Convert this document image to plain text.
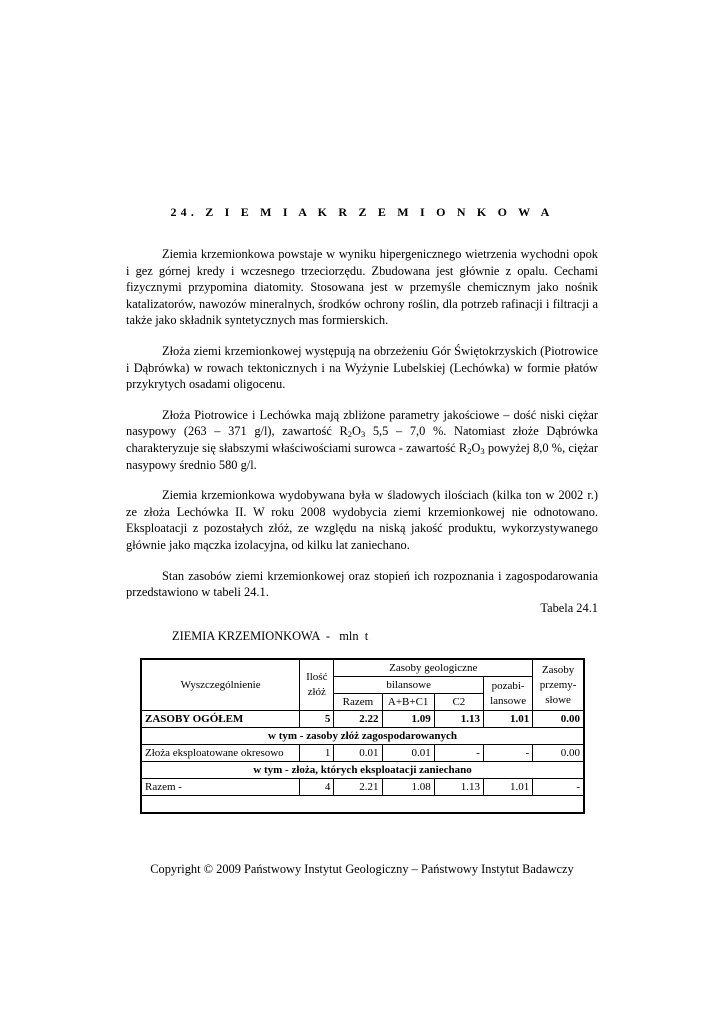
24. Z I E M I A K R Z E M I O N K O W A

Ziemia krzemionkowa powstaje w wyniku hipergenicznego wietrzenia wychodni opok i gez górnej kredy i wczesnego trzeciorzędu. Zbudowana jest głównie z opalu. Cechami fizycznymi przypomina diatomity. Stosowana jest w przemyśle chemicznym jako nośnik katalizatorów, nawozów mineralnych, środków ochrony roślin, dla potrzeb rafinacji i filtracji a także jako składnik syntetycznych mas formierskich.

Złoża ziemi krzemionkowej występują na obrzeżeniu Gór Świętokrzyskich (Piotrowice i Dąbrówka) w rowach tektonicznych i na Wyżynie Lubelskiej (Lechówka) w formie płatów przykrytych osadami oligocenu.

Złoża Piotrowice i Lechówka mają zbliżone parametry jakościowe – dość niski ciężar nasypowy (263 – 371 g/l), zawartość $R_2O_3$ 5,5 – 7,0 %. Natomiast złoże Dąbrówka charakteryzuje się słabszymi właściwościami surowca - zawartość $R_2O_3$ powyżej 8,0 %, ciężar nasypowy średnio 580 g/l.

Ziemia krzemionkowa wydobywana była w śladowych ilościach (kilka ton w 2002 r.) ze złoża Lechówka II. W roku 2008 wydobycia ziemi krzemionkowej nie odnotowano. Eksploatacji z pozostałych złóż, ze względu na niską jakość produktu, wykorzystywanego głównie jako mączka izolacyjna, od kilku lat zaniechano.

Stan zasobów ziemi krzemionkowej oraz stopień ich rozpoznania i zagospodarowania przedstawiono w tabeli 24.1.

Tabela 24.1
ZIEMIA KRZEMIONKOWA  -   mln  t
Wyszczególnienie	Ilość złóż	Zasoby geologiczne				Zasoby przemy-słowe
		bilansowe			pozabi-lansowe	
		Razem	A+B+C1	C2		
ZASOBY OGÓŁEM	5	2.22	1.09	1.13	1.01	0.00
w tym - zasoby złóż zagospodarowanych						
Złoża eksploatowane okresowo	1	0.01	0.01	-	-	0.00
w tym - złoża, których eksploatacji zaniechano						
Razem -	4	2.21	1.08	1.13	1.01	-

Copyright © 2009 Państwowy Instytut Geologiczny – Państwowy Instytut Badawczy
